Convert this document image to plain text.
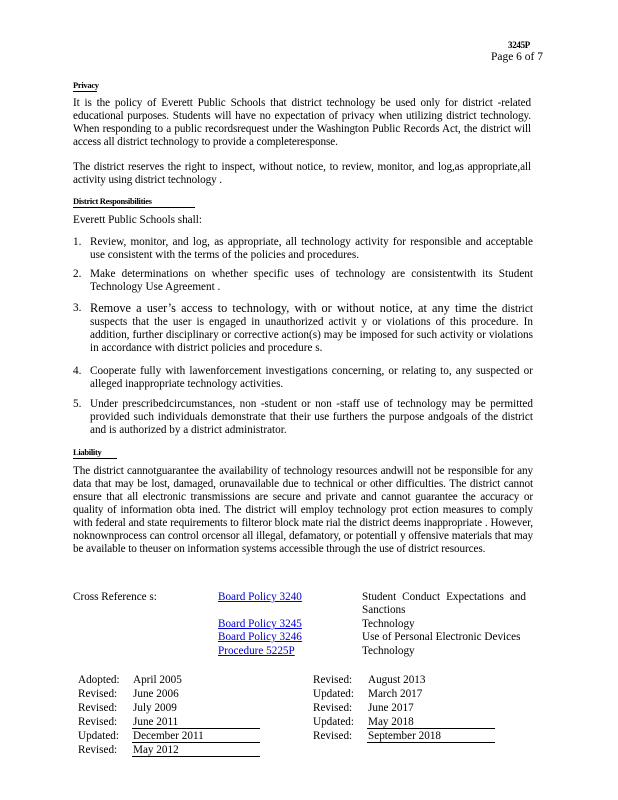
3245P
Page 6 of 7
Privacy
It is the policy of Everett Public Schools that district technology be used only for district -related educational purposes. Students will have no expectation of privacy when utilizing district technology. When responding to a public recordsrequest under the Washington Public Records Act, the district will access all district technology to provide a completeresponse.
The district reserves the right to inspect, without notice, to review, monitor, and log,as appropriate,all activity using district technology .
District Responsibilities
Everett Public Schools shall:
1. Review, monitor, and log, as appropriate, all technology activity for responsible and acceptable use consistent with the terms of the policies and procedures.
2. Make determinations on whether specific uses of technology are consistentwith its Student Technology Use Agreement .
3. Remove a user’s access to technology, with or without notice, at any time the district suspects that the user is engaged in unauthorized activit y or violations of this procedure. In addition, further disciplinary or corrective action(s) may be imposed for such activity or violations in accordance with district policies and procedure s.
4. Cooperate fully with lawenforcement investigations concerning, or relating to, any suspected or alleged inappropriate technology activities.
5. Under prescribedcircumstances, non -student or non -staff use of technology may be permitted provided such individuals demonstrate that their use furthers the purpose andgoals of the district and is authorized by a district administrator.
Liability
The district cannotguarantee the availability of technology resources andwill not be responsible for any data that may be lost, damaged, orunavailable due to technical or other difficulties. The district cannot ensure that all electronic transmissions are secure and private and cannot guarantee the accuracy or quality of information obta ined. The district will employ technology prot ection measures to comply with federal and state requirements to filteror block mate rial the district deems inappropriate . However, noknownprocess can control orcensor all illegal, defamatory, or potentiall y offensive materials that may be available to theuser on information systems accessible through the use of district resources.
Cross Reference s:	Board Policy 3240
Board Policy 3245
Board Policy 3246
Procedure 5225P
Student Conduct Expectations and Sanctions
Technology
Use of Personal Electronic Devices
Technology
Adopted: April 2005
Revised: June 2006
Revised: July 2009
Revised: June 2011
Updated: December 2011
Revised: May 2012
Revised: August 2013
Updated: March 2017
Revised: June 2017
Updated: May 2018
Revised: September 2018
